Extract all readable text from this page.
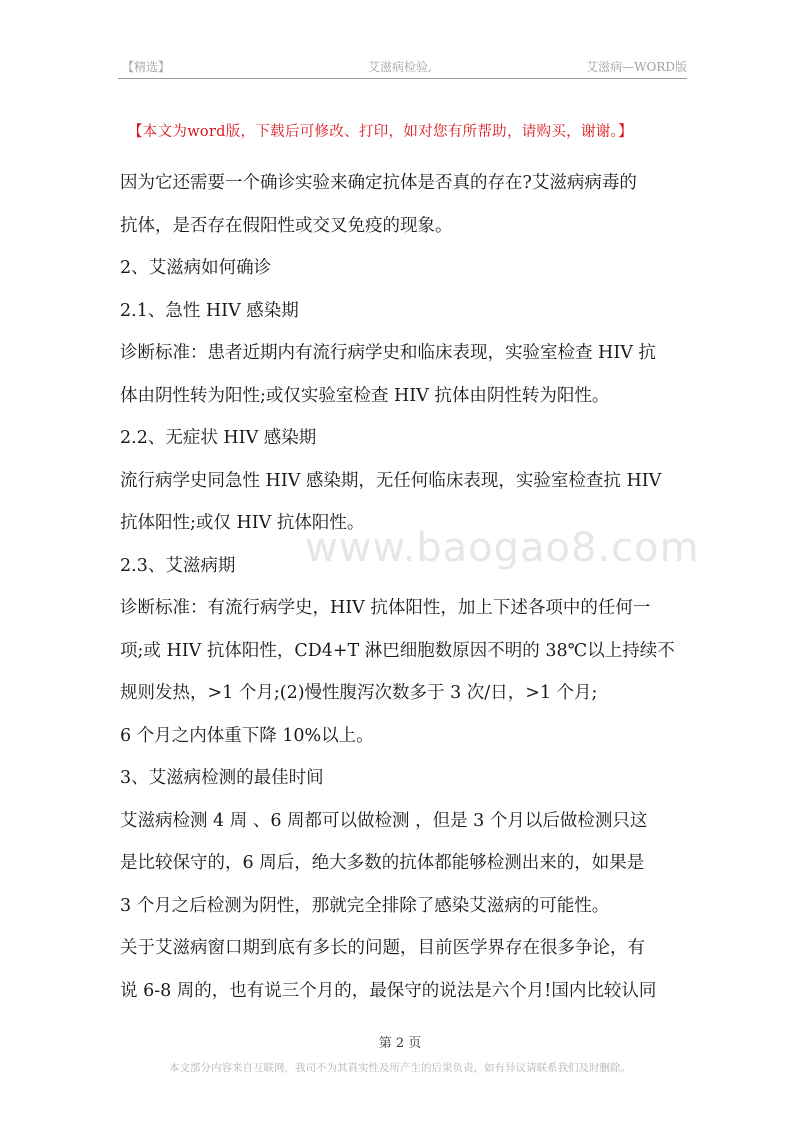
【精选】	艾滋病检验,	艾滋病—WORD版
【本文为word版，下载后可修改、打印，如对您有所帮助，请购买，谢谢。】
www.baogao8.com
因为它还需要一个确诊实验来确定抗体是否真的存在?艾滋病病毒的
抗体，是否存在假阳性或交叉免疫的现象。
2、艾滋病如何确诊
2.1、急性 HIV 感染期
诊断标准：患者近期内有流行病学史和临床表现，实验室检查 HIV 抗
体由阴性转为阳性;或仅实验室检查 HIV 抗体由阴性转为阳性。
2.2、无症状 HIV 感染期
流行病学史同急性 HIV 感染期，无任何临床表现，实验室检查抗 HIV
抗体阳性;或仅 HIV 抗体阳性。
2.3、艾滋病期
诊断标准：有流行病学史，HIV 抗体阳性，加上下述各项中的任何一
项;或 HIV 抗体阳性，CD4+T 淋巴细胞数原因不明的 38℃以上持续不
规则发热，>1 个月;(2)慢性腹泻次数多于 3 次/日，>1 个月;
6 个月之内体重下降 10%以上。
3、艾滋病检测的最佳时间
艾滋病检测 4 周 、6 周都可以做检测 ，但是 3 个月以后做检测只这
是比较保守的，6 周后，绝大多数的抗体都能够检测出来的，如果是
3 个月之后检测为阴性，那就完全排除了感染艾滋病的可能性。
关于艾滋病窗口期到底有多长的问题，目前医学界存在很多争论，有
说 6-8 周的，也有说三个月的，最保守的说法是六个月!国内比较认同
第 2 页
本文部分内容来自互联网，我司不为其真实性及所产生的后果负责，如有异议请联系我们及时删除。
